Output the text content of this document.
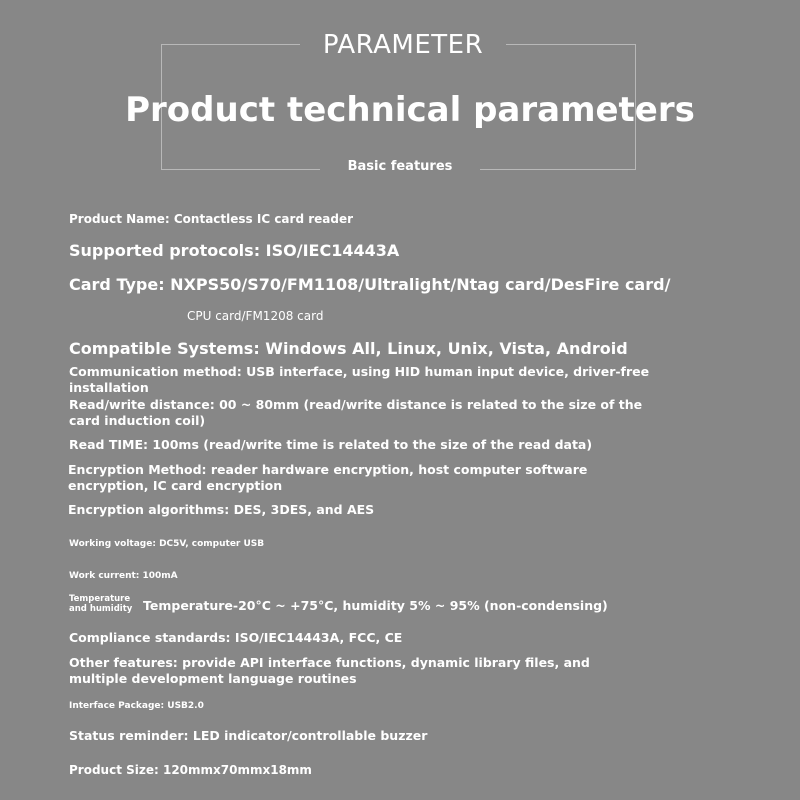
PARAMETER
Product technical parameters
Basic features
Product Name: Contactless IC card reader
Supported protocols: ISO/IEC14443A
Card Type: NXPS50/S70/FM1108/Ultralight/Ntag card/DesFire card/
CPU card/FM1208 card
Compatible Systems: Windows All, Linux, Unix, Vista, Android
Communication method: USB interface, using HID human input device, driver-free installation
Read/write distance: 00 ~ 80mm (read/write distance is related to the size of the card induction coil)
Read TIME: 100ms (read/write time is related to the size of the read data)
Encryption Method: reader hardware encryption, host computer software encryption, IC card encryption
Encryption algorithms: DES, 3DES, and AES
Working voltage: DC5V, computer USB
Work current: 100mA
Temperature
and humidity Temperature-20°C ~ +75°C, humidity 5% ~ 95% (non-condensing)
Compliance standards: ISO/IEC14443A, FCC, CE
Other features: provide API interface functions, dynamic library files, and multiple development language routines
Interface Package: USB2.0
Status reminder: LED indicator/controllable buzzer
Product Size: 120mmx70mmx18mm
